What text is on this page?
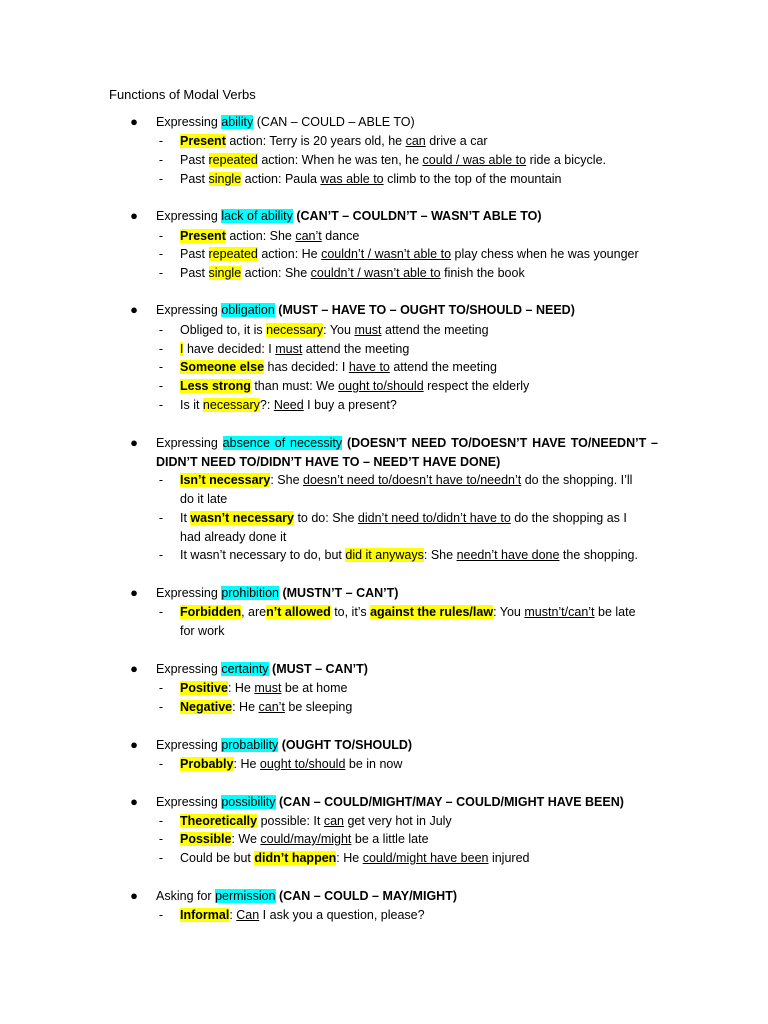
Functions of Modal Verbs
● Expressing ability (CAN – COULD – ABLE TO)
-	Present action: Terry is 20 years old, he can drive a car
-	Past repeated action: When he was ten, he could / was able to ride a bicycle.
-	Past single action: Paula was able to climb to the top of the mountain
● Expressing lack of ability (CAN’T – COULDN’T – WASN’T ABLE TO)
-	Present action: She can’t dance
-	Past repeated action: He couldn’t / wasn’t able to play chess when he was younger
-	Past single action: She couldn’t / wasn’t able to finish the book
● Expressing obligation (MUST – HAVE TO – OUGHT TO/SHOULD – NEED)
-	Obliged to, it is necessary: You must attend the meeting
-	I have decided: I must attend the meeting
-	Someone else has decided: I have to attend the meeting
-	Less strong than must: We ought to/should respect the elderly
-	Is it necessary?: Need I buy a present?
● Expressing absence of necessity (DOESN’T NEED TO/DOESN’T HAVE TO/NEEDN’T –
DIDN’T NEED TO/DIDN’T HAVE TO – NEED’T HAVE DONE)
-	Isn’t necessary: She doesn’t need to/doesn’t have to/needn’t do the shopping. I’ll
do it late
-	It wasn’t necessary to do: She didn’t need to/didn’t have to do the shopping as I
had already done it
-	It wasn’t necessary to do, but did it anyways: She needn’t have done the shopping.
● Expressing prohibition (MUSTN’T – CAN’T)
-	Forbidden, aren’t allowed to, it’s against the rules/law: You mustn’t/can’t be late
for work
● Expressing certainty (MUST – CAN’T)
-	Positive: He must be at home
-	Negative: He can’t be sleeping
● Expressing probability (OUGHT TO/SHOULD)
-	Probably: He ought to/should be in now
● Expressing possibility (CAN – COULD/MIGHT/MAY – COULD/MIGHT HAVE BEEN)
-	Theoretically possible: It can get very hot in July
-	Possible: We could/may/might be a little late
-	Could be but didn’t happen: He could/might have been injured
● Asking for permission (CAN – COULD – MAY/MIGHT)
-	Informal: Can I ask you a question, please?
